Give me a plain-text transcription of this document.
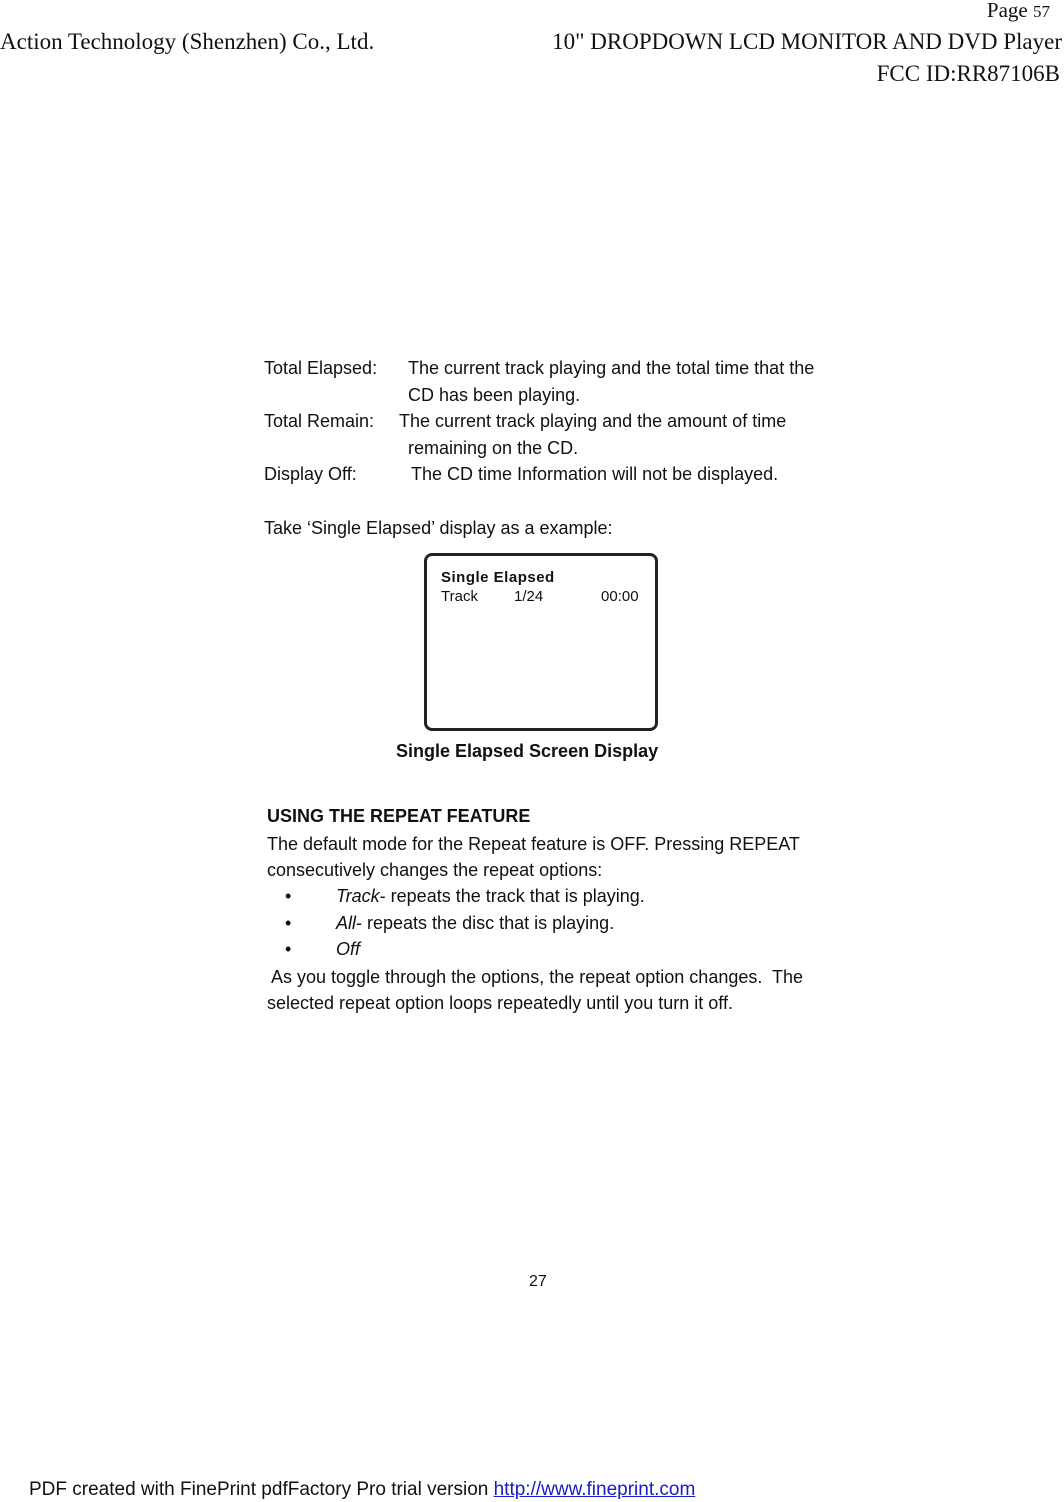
Page 57
Action Technology (Shenzhen) Co., Ltd.	10" DROPDOWN LCD MONITOR AND DVD Player
FCC ID:RR87106B
Total Elapsed: The current track playing and the total time that the
CD has been playing.
Total Remain: The current track playing and the amount of time
remaining on the CD.
Display Off:	The CD time Information will not be displayed.
Take ‘Single Elapsed’ display as a example:
Single Elapsed
Track 1/24	00:00
Single Elapsed Screen Display
USING THE REPEAT FEATURE
The default mode for the Repeat feature is OFF. Pressing REPEAT
consecutively changes the repeat options:
• Track- repeats the track that is playing.
• All- repeats the disc that is playing.
• Off
As you toggle through the options, the repeat option changes.  The
selected repeat option loops repeatedly until you turn it off.
27
PDF created with FinePrint pdfFactory Pro trial version http://www.fineprint.com
